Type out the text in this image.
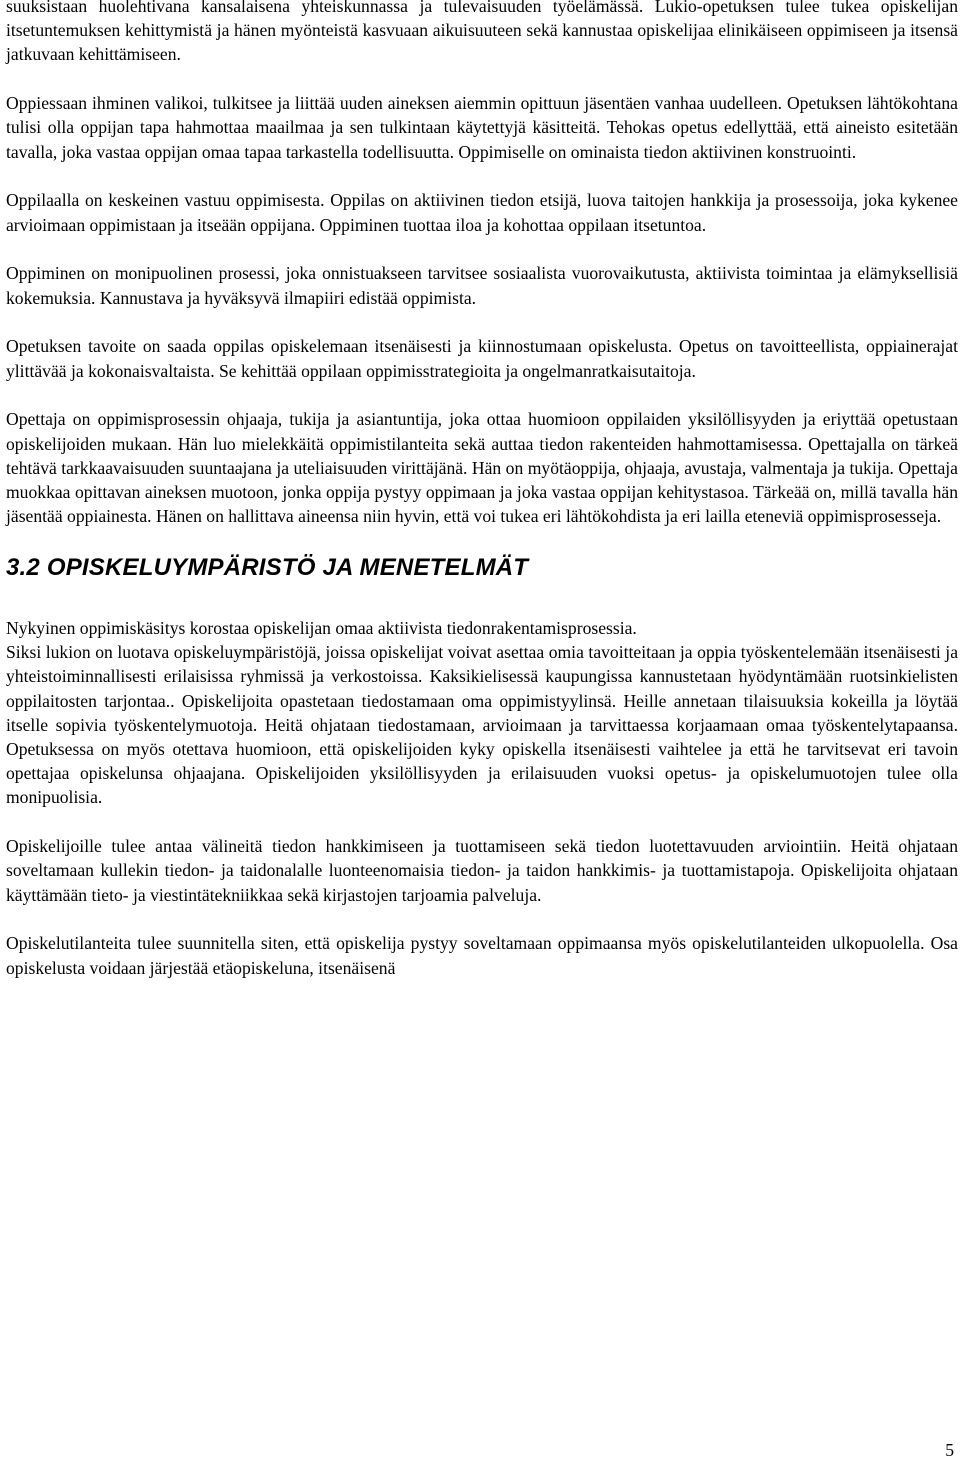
suuksistaan huolehtivana kansalaisena yhteiskunnassa ja tulevaisuuden työelämässä. Lukio-opetuksen tulee tukea opiskelijan itsetuntemuksen kehittymistä ja hänen myönteistä kasvuaan aikuisuuteen sekä kannustaa opiskelijaa elinikäiseen oppimiseen ja itsensä jatkuvaan kehittämiseen.

Oppiessaan ihminen valikoi, tulkitsee ja liittää uuden aineksen aiemmin opittuun jäsentäen vanhaa uudelleen. Opetuksen lähtökohtana tulisi olla oppijan tapa hahmottaa maailmaa ja sen tulkintaan käytettyjä käsitteitä. Tehokas opetus edellyttää, että aineisto esitetään tavalla, joka vastaa oppijan omaa tapaa tarkastella todellisuutta. Oppimiselle on ominaista tiedon aktiivinen konstruointi.

Oppilaalla on keskeinen vastuu oppimisesta. Oppilas on aktiivinen tiedon etsijä, luova taitojen hankkija ja prosessoija, joka kykenee arvioimaan oppimistaan ja itseään oppijana. Oppiminen tuottaa iloa ja kohottaa oppilaan itsetuntoa.

Oppiminen on monipuolinen prosessi, joka onnistuakseen tarvitsee sosiaalista vuorovaikutusta, aktiivista toimintaa ja elämyksellisiä kokemuksia. Kannustava ja hyväksyvä ilmapiiri edistää oppimista.

Opetuksen tavoite on saada oppilas opiskelemaan itsenäisesti ja kiinnostumaan opiskelusta. Opetus on tavoitteellista, oppiainerajat ylittävää ja kokonaisvaltaista. Se kehittää oppilaan oppimisstrategioita ja ongelmanratkaisutaitoja.

Opettaja on oppimisprosessin ohjaaja, tukija ja asiantuntija, joka ottaa huomioon oppilaiden yksilöllisyyden ja eriyttää opetustaan opiskelijoiden mukaan. Hän luo mielekkäitä oppimistilanteita sekä auttaa tiedon rakenteiden hahmottamisessa. Opettajalla on tärkeä tehtävä tarkkaavaisuuden suuntaajana ja uteliaisuuden virittäjänä. Hän on myötäoppija, ohjaaja, avustaja, valmentaja ja tukija. Opettaja muokkaa opittavan aineksen muotoon, jonka oppija pystyy oppimaan ja joka vastaa oppijan kehitystasoa. Tärkeää on, millä tavalla hän jäsentää oppiainesta. Hänen on hallittava aineensa niin hyvin, että voi tukea eri lähtökohdista ja eri lailla eteneviä oppimisprosesseja.

3.2 OPISKELUYMPÄRISTÖ JA MENETELMÄT

Nykyinen oppimiskäsitys korostaa opiskelijan omaa aktiivista tiedonrakentamisprosessia.
Siksi lukion on luotava opiskeluympäristöjä, joissa opiskelijat voivat asettaa omia tavoitteitaan ja oppia työskentelemään itsenäisesti ja yhteistoiminnallisesti erilaisissa ryhmissä ja verkostoissa. Kaksikielisessä kaupungissa kannustetaan hyödyntämään ruotsinkielisten oppilaitosten tarjontaa.. Opiskelijoita opastetaan tiedostamaan oma oppimistyylinsä. Heille annetaan tilaisuuksia kokeilla ja löytää itselle sopivia työskentelymuotoja. Heitä ohjataan tiedostamaan, arvioimaan ja tarvittaessa korjaamaan omaa työskentelytapaansa. Opetuksessa on myös otettava huomioon, että opiskelijoiden kyky opiskella itsenäisesti vaihtelee ja että he tarvitsevat eri tavoin opettajaa opiskelunsa ohjaajana. Opiskelijoiden yksilöllisyyden ja erilaisuuden vuoksi opetus- ja opiskelumuotojen tulee olla monipuolisia.

Opiskelijoille tulee antaa välineitä tiedon hankkimiseen ja tuottamiseen sekä tiedon luotettavuuden arviointiin. Heitä ohjataan soveltamaan kullekin tiedon- ja taidonalalle luonteenomaisia tiedon- ja taidon hankkimis- ja tuottamistapoja. Opiskelijoita ohjataan käyttämään tieto- ja viestintätekniikkaa sekä kirjastojen tarjoamia palveluja.

Opiskelutilanteita tulee suunnitella siten, että opiskelija pystyy soveltamaan oppimaansa myös opiskelutilanteiden ulkopuolella. Osa opiskelusta voidaan järjestää etäopiskeluna, itsenäisenä

5
